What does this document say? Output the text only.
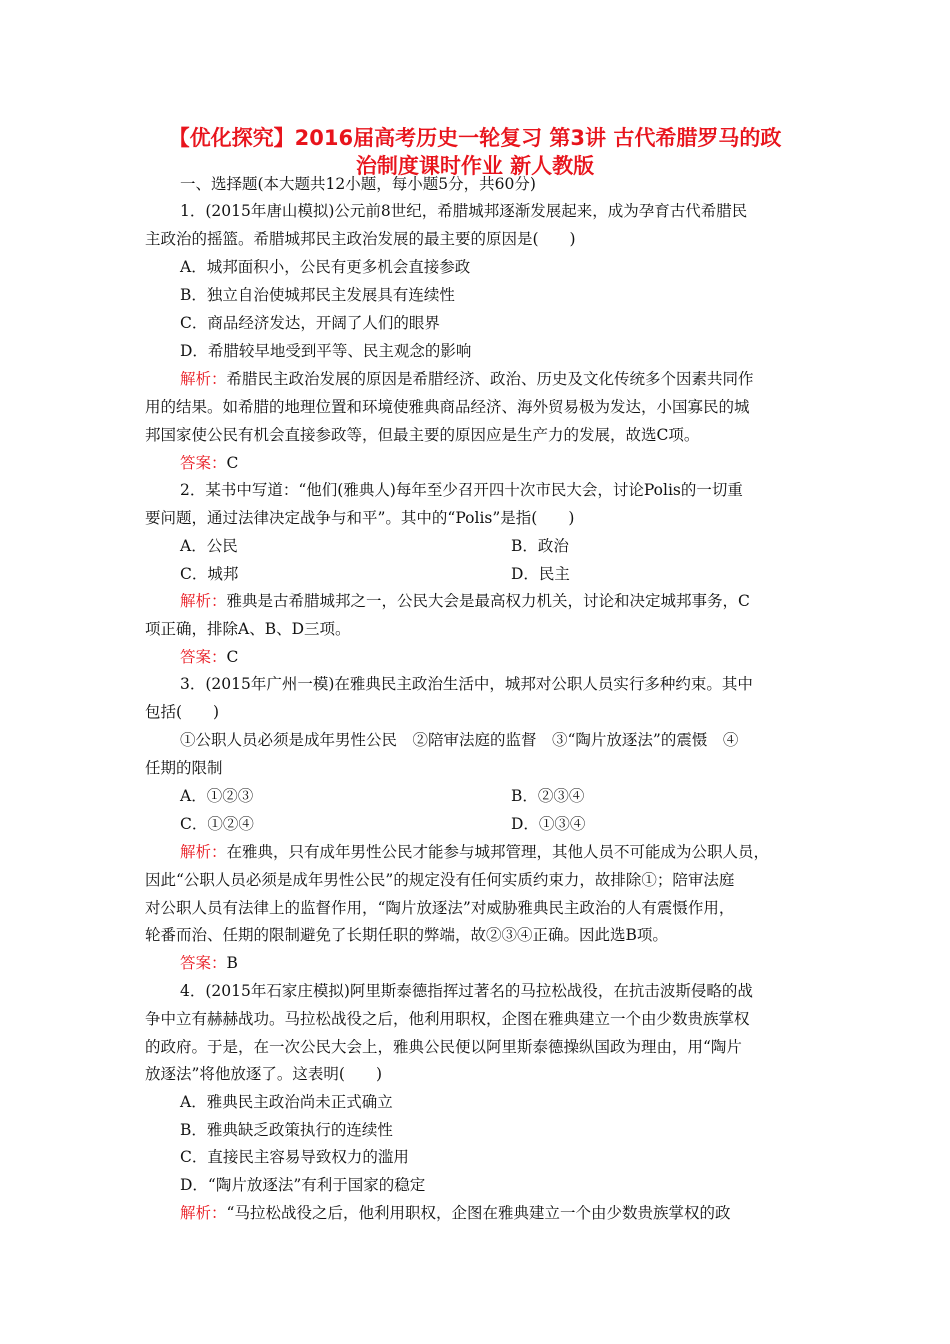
【优化探究】2016届高考历史一轮复习 第3讲 古代希腊罗马的政
治制度课时作业 新人教版
一、选择题(本大题共12小题，每小题5分，共60分)
1．(2015年唐山模拟)公元前8世纪，希腊城邦逐渐发展起来，成为孕育古代希腊民
主政治的摇篮。希腊城邦民主政治发展的最主要的原因是(　　)
A．城邦面积小，公民有更多机会直接参政
B．独立自治使城邦民主发展具有连续性
C．商品经济发达，开阔了人们的眼界
D．希腊较早地受到平等、民主观念的影响
解析：希腊民主政治发展的原因是希腊经济、政治、历史及文化传统多个因素共同作
用的结果。如希腊的地理位置和环境使雅典商品经济、海外贸易极为发达，小国寡民的城
邦国家使公民有机会直接参政等，但最主要的原因应是生产力的发展，故选C项。
答案：C
2．某书中写道：“他们(雅典人)每年至少召开四十次市民大会，讨论Polis的一切重
要问题，通过法律决定战争与和平”。其中的“Polis”是指(　　)
A．公民	B．政治
C．城邦	D．民主
解析：雅典是古希腊城邦之一，公民大会是最高权力机关，讨论和决定城邦事务，C
项正确，排除A、B、D三项。
答案：C
3．(2015年广州一模)在雅典民主政治生活中，城邦对公职人员实行多种约束。其中
包括(　　)
①公职人员必须是成年男性公民　②陪审法庭的监督　③“陶片放逐法”的震慑　④
任期的限制
A．①②③	B．②③④
C．①②④	D．①③④
解析：在雅典，只有成年男性公民才能参与城邦管理，其他人员不可能成为公职人员，
因此“公职人员必须是成年男性公民”的规定没有任何实质约束力，故排除①；陪审法庭
对公职人员有法律上的监督作用，“陶片放逐法”对威胁雅典民主政治的人有震慑作用，
轮番而治、任期的限制避免了长期任职的弊端，故②③④正确。因此选B项。
答案：B
4．(2015年石家庄模拟)阿里斯泰德指挥过著名的马拉松战役，在抗击波斯侵略的战
争中立有赫赫战功。马拉松战役之后，他利用职权，企图在雅典建立一个由少数贵族掌权
的政府。于是，在一次公民大会上，雅典公民便以阿里斯泰德操纵国政为理由，用“陶片
放逐法”将他放逐了。这表明(　　)
A．雅典民主政治尚未正式确立
B．雅典缺乏政策执行的连续性
C．直接民主容易导致权力的滥用
D．“陶片放逐法”有利于国家的稳定
解析：“马拉松战役之后，他利用职权，企图在雅典建立一个由少数贵族掌权的政
